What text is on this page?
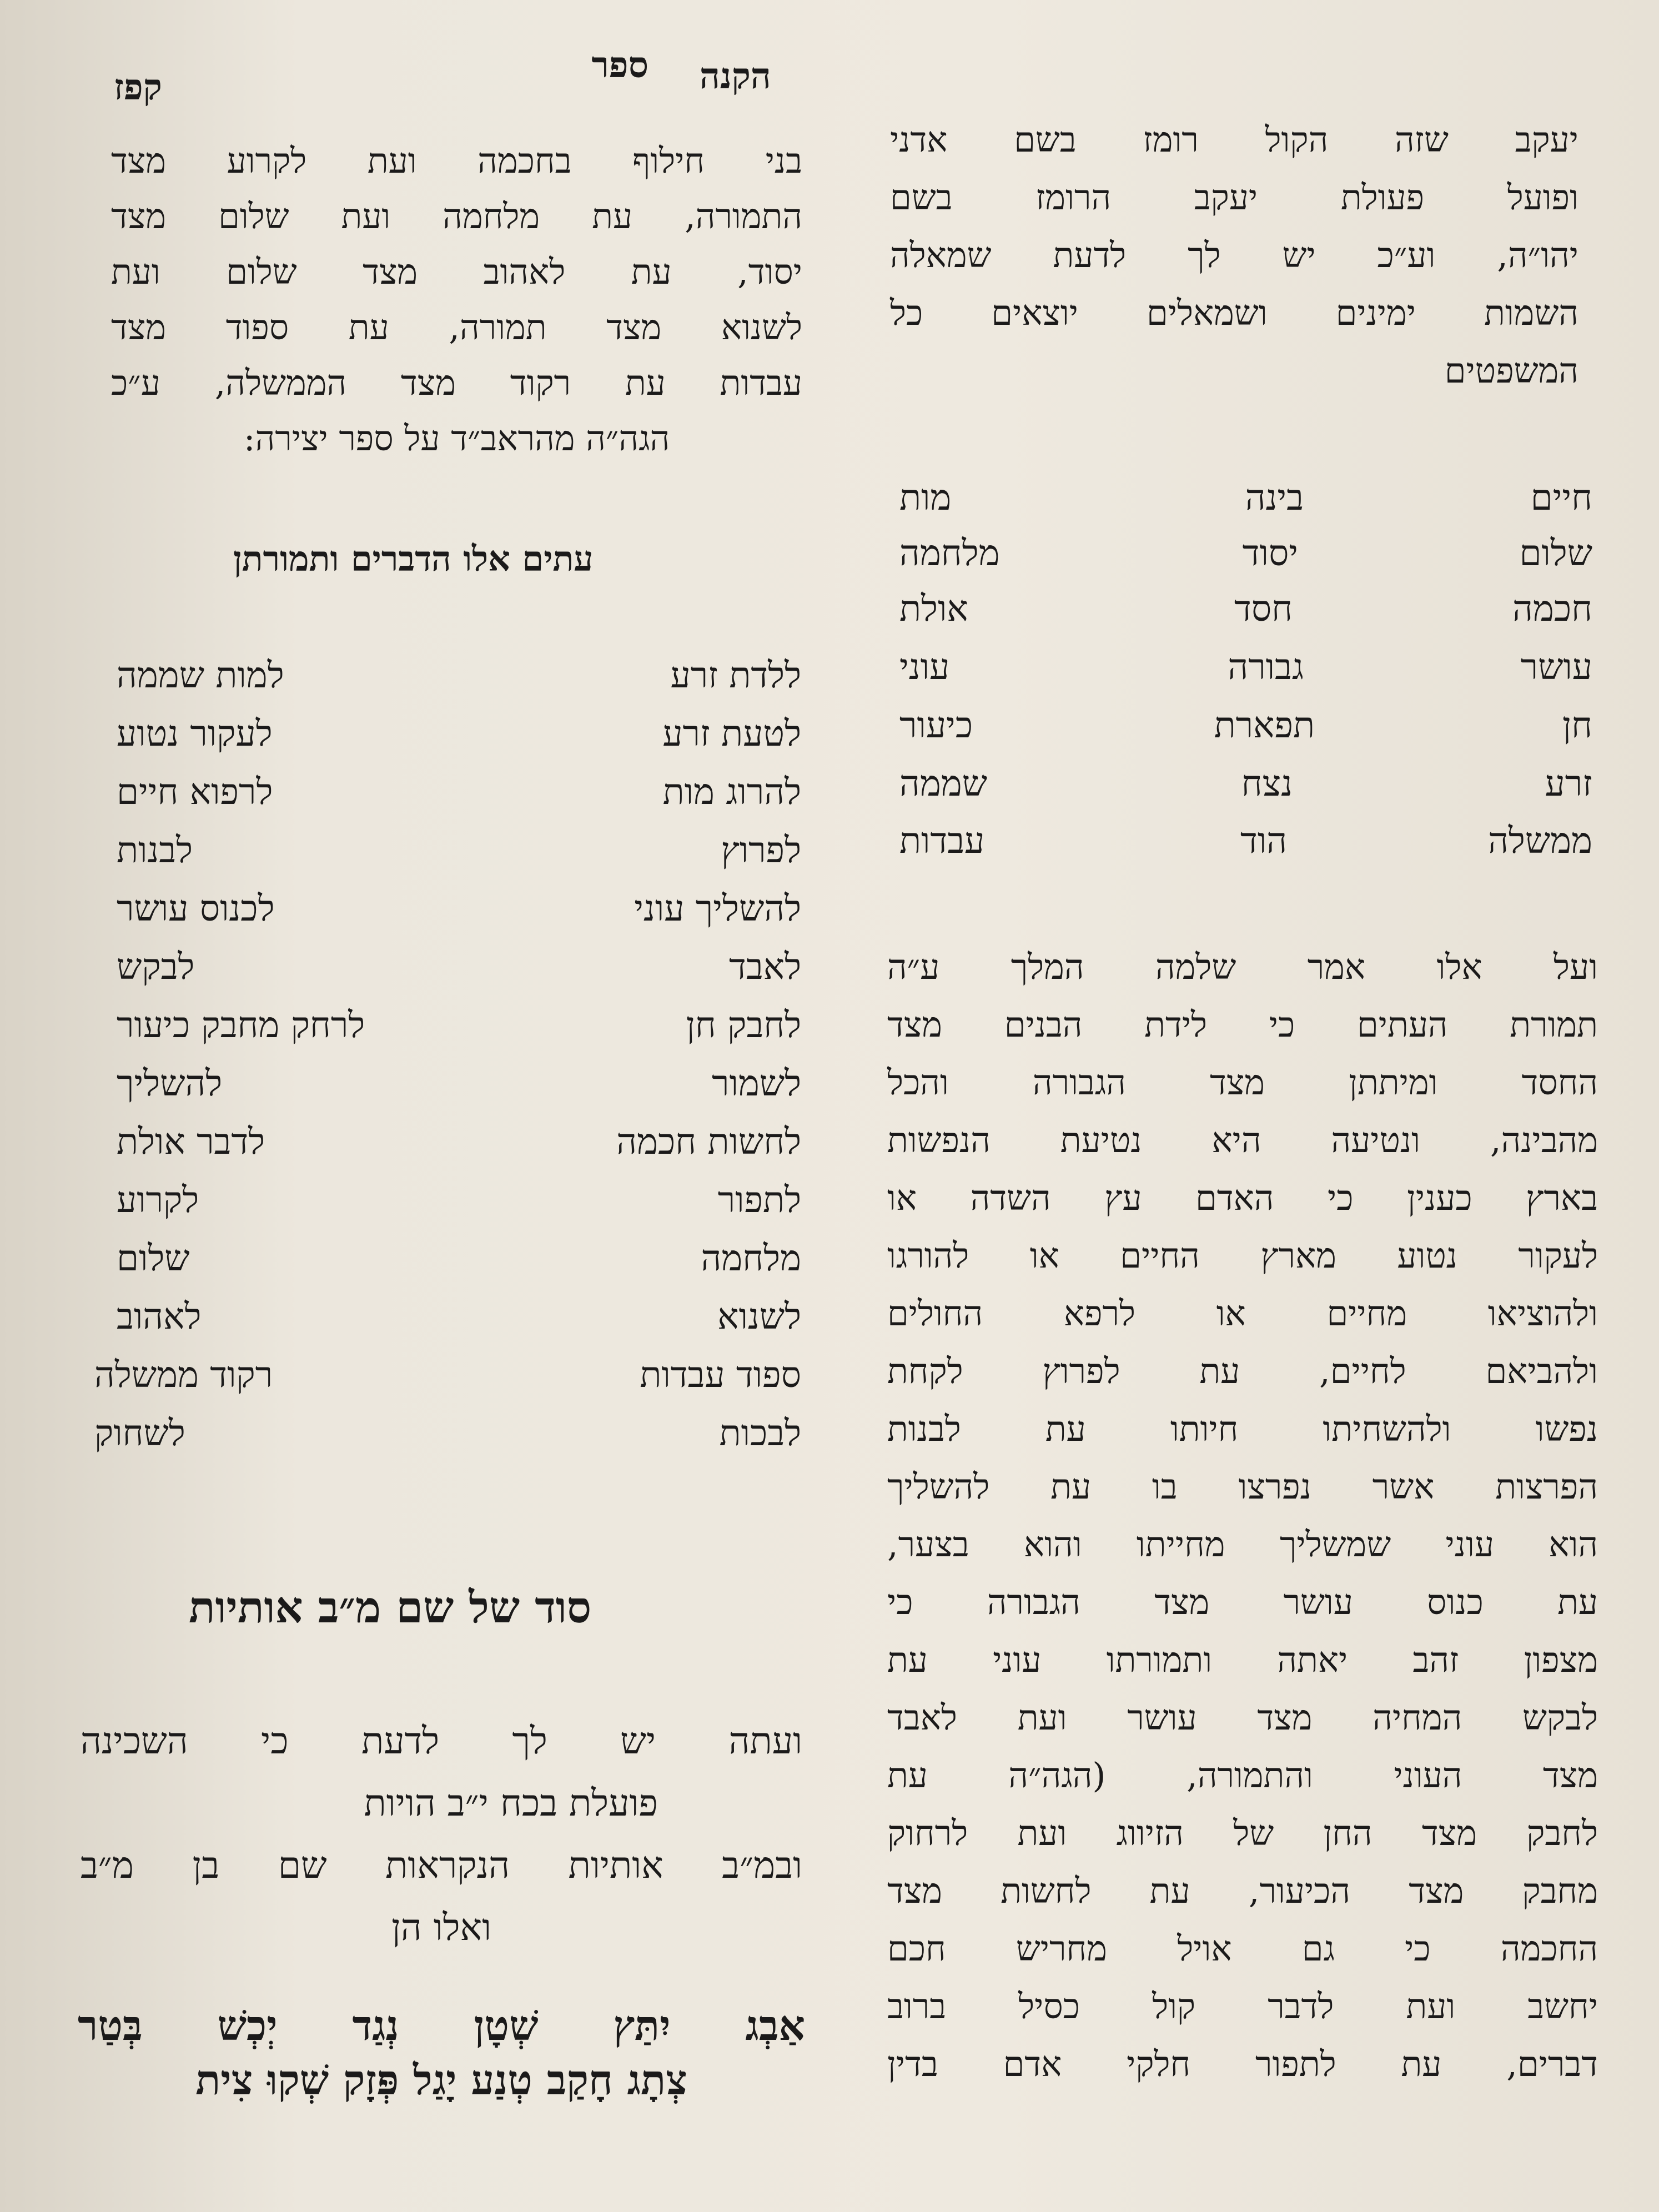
ספר הקנה
קפז
יעקב שזה הקול רומז בשם אדני
ופועל פעולת יעקב הרומז בשם
יהו״ה, וע״כ יש לך לדעת שמאלה
השמות ימינים ושמאלים יוצאים כל
המשפטים
חיים
בינה
מות
שלום
יסוד
מלחמה
חכמה
חסד
אולת
עושר
גבורה
עוני
חן
תפארת
כיעור
זרע
נצח
שממה
ממשלה
הוד
עבדות
ועל אלו אמר שלמה המלך ע״ה
תמורת העתים כי לידת הבנים מצד
החסד ומיתתן מצד הגבורה והכל
מהבינה, ונטיעה היא נטיעת הנפשות
בארץ כענין כי האדם עץ השדה או
לעקור נטוע מארץ החיים או להורגו
ולהוציאו מחיים או לרפא החולים
ולהביאם לחיים, עת לפרוץ לקחת
נפשו ולהשחיתו חיותו עת לבנות
הפרצות אשר נפרצו בו עת להשליך
הוא עוני שמשליך מחייתו והוא בצער,
עת כנוס עושר מצד הגבורה כי
מצפון זהב יאתה ותמורתו עוני עת
לבקש המחיה מצד עושר ועת לאבד
מצד העוני והתמורה, (הגה״ה עת
לחבק מצד החן של הזיווג ועת לרחוק
מחבק מצד הכיעור, עת לחשות מצד
החכמה כי גם אויל מחריש חכם
יחשב ועת לדבר קול כסיל ברוב
דברים, עת לתפור חלקי אדם בדין
בני חילוף בחכמה ועת לקרוע מצד
התמורה, עת מלחמה ועת שלום מצד
יסוד, עת לאהוב מצד שלום ועת
לשנוא מצד תמורה, עת ספוד מצד
עבדות עת רקוד מצד הממשלה, ע״כ
הגה״ה מהראב״ד על ספר יצירה:
עתים אלו הדברים ותמורתן
ללדת זרע
למות שממה
לטעת זרע
לעקור נטוע
להרוג מות
לרפוא חיים
לפרוץ
לבנות
להשליך עוני
לכנוס עושר
לאבד
לבקש
לחבק חן
לרחק מחבק כיעור
לשמור
להשליך
לחשות חכמה
לדבר אולת
לתפור
לקרוע
מלחמה
שלום
לשנוא
לאהוב
ספוד עבדות
רקוד ממשלה
לבכות
לשחוק
סוד של שם מ״ב אותיות
ועתה יש לך לדעת כי השכינה
פועלת בכח י״ב הויות
ובמ״ב אותיות הנקראות שם בן מ״ב
ואלו הן
אַבְג יִתַּץ שְׁטָן נְגַד יְכְשׁ בְּטַר
צְתָג חָקַב טְנַע יָגַל פְּזָק שְׁקוּ צִית
